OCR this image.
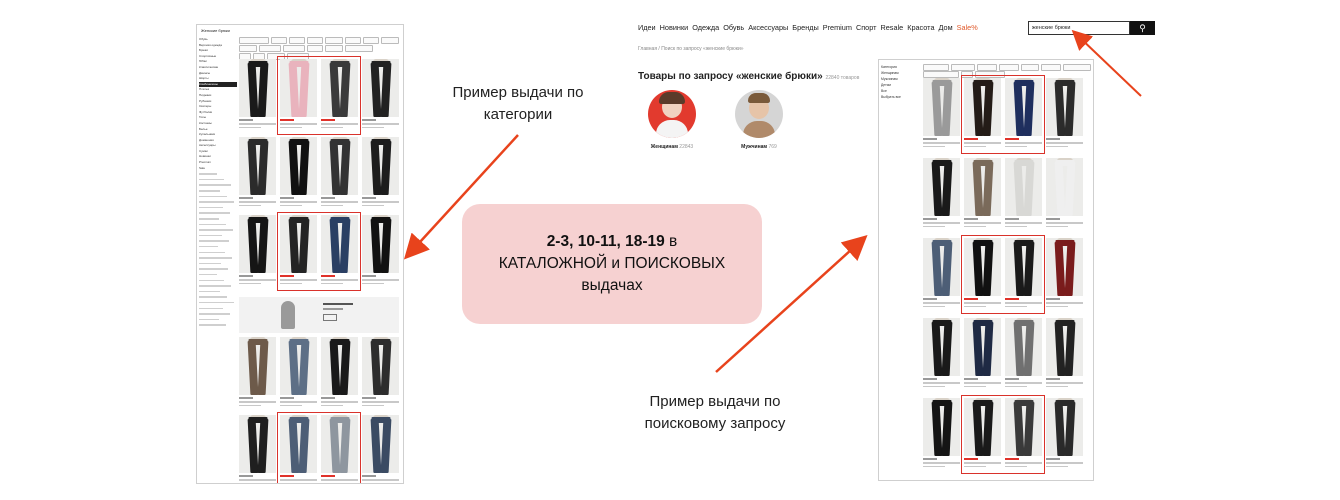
Женские брюки
Обувь
Верхняя одежда
Брюки
Спортивные
Юбки
Классические
Джинсы
Шорты
Комбинезоны
Платья
Пиджаки
Рубашки
Свитеры
Футболки
Топы
Костюмы
Белье
Купальники
Домашняя
Аксессуары
Сумки
Новинки
Premium
Sale
Идеи Новинки Одежда Обувь Аксессуары Бренды Premium Спорт Resale Красота Дом Sale%	женские брюки	⚲
Главная / Поиск по запросу «женские брюки»
Товары по запросу «женские брюки» 22840 товаров
Женщинам 22843	Мужчинам 769
Категория
Женщинам
Мужчинам
Детям
Все
Выбрать все
Пример выдачи по
категории
2-3, 10-11, 18-19 в
КАТАЛОЖНОЙ и ПОИСКОВЫХ
выдачах
Пример выдачи по
поисковому запросу
